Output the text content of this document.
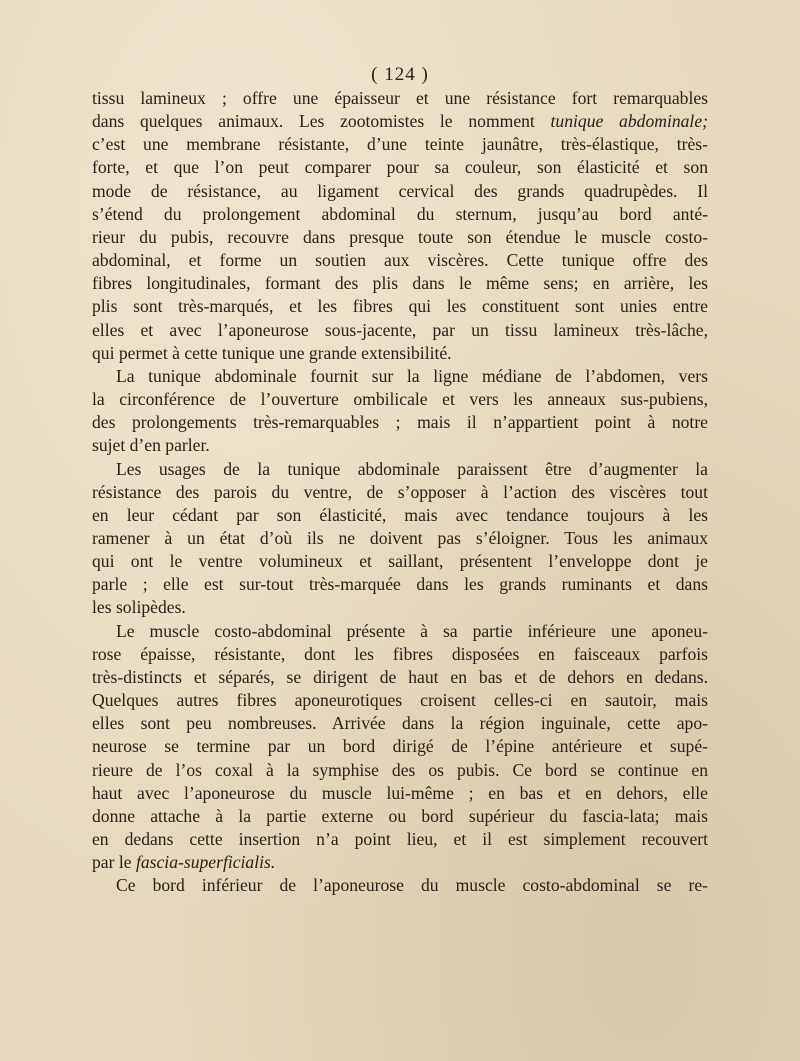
( 124 )
tissu lamineux ; offre une épaisseur et une résistance fort remarquables
dans quelques animaux. Les zootomistes le nomment tunique abdominale;
c’est une membrane résistante, d’une teinte jaunâtre, très-élastique, très-
forte, et que l’on peut comparer pour sa couleur, son élasticité et son
mode de résistance, au ligament cervical des grands quadrupèdes. Il
s’étend du prolongement abdominal du sternum, jusqu’au bord anté-
rieur du pubis, recouvre dans presque toute son étendue le muscle costo-
abdominal, et forme un soutien aux viscères. Cette tunique offre des
fibres longitudinales, formant des plis dans le même sens; en arrière, les
plis sont très-marqués, et les fibres qui les constituent sont unies entre
elles et avec l’aponeurose sous-jacente, par un tissu lamineux très-lâche,
qui permet à cette tunique une grande extensibilité.
La tunique abdominale fournit sur la ligne médiane de l’abdomen, vers
la circonférence de l’ouverture ombilicale et vers les anneaux sus-pubiens,
des prolongements très-remarquables ; mais il n’appartient point à notre
sujet d’en parler.
Les usages de la tunique abdominale paraissent être d’augmenter la
résistance des parois du ventre, de s’opposer à l’action des viscères tout
en leur cédant par son élasticité, mais avec tendance toujours à les
ramener à un état d’où ils ne doivent pas s’éloigner. Tous les animaux
qui ont le ventre volumineux et saillant, présentent l’enveloppe dont je
parle ; elle est sur-tout très-marquée dans les grands ruminants et dans
les solipèdes.
Le muscle costo-abdominal présente à sa partie inférieure une aponeu-
rose épaisse, résistante, dont les fibres disposées en faisceaux parfois
très-distincts et séparés, se dirigent de haut en bas et de dehors en dedans.
Quelques autres fibres aponeurotiques croisent celles-ci en sautoir, mais
elles sont peu nombreuses. Arrivée dans la région inguinale, cette apo-
neurose se termine par un bord dirigé de l’épine antérieure et supé-
rieure de l’os coxal à la symphise des os pubis. Ce bord se continue en
haut avec l’aponeurose du muscle lui-même ; en bas et en dehors, elle
donne attache à la partie externe ou bord supérieur du fascia-lata; mais
en dedans cette insertion n’a point lieu, et il est simplement recouvert
par le fascia-superficialis.
Ce bord inférieur de l’aponeurose du muscle costo-abdominal se re-
